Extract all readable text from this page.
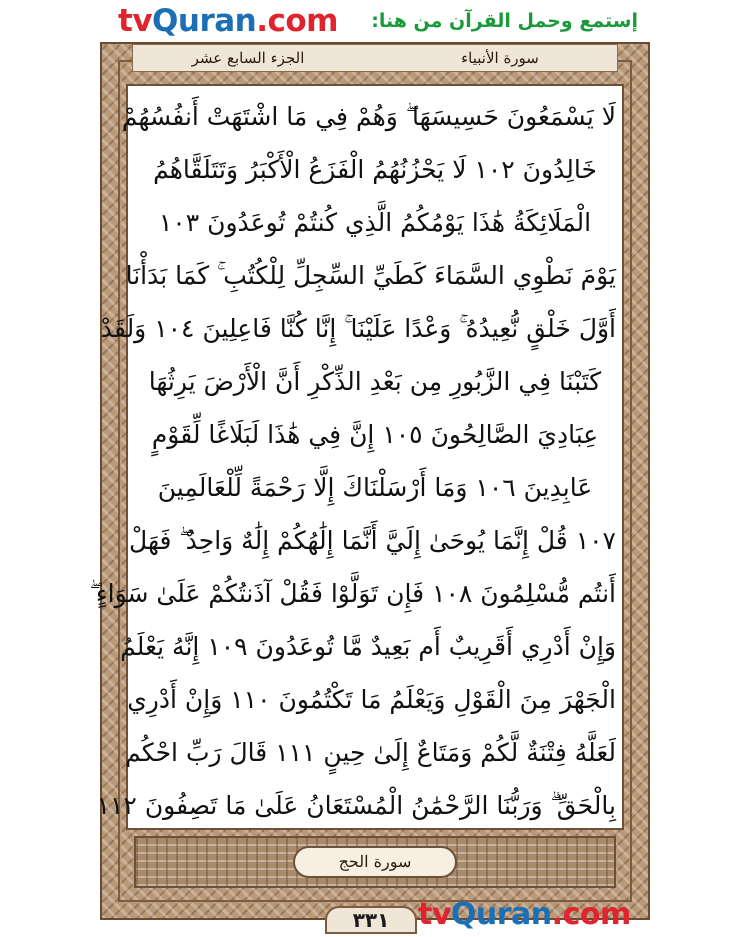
tvQuran.com إستمع وحمل القرآن من هنا:
الجزء السابع عشر	سورة الأنبياء
لَا يَسْمَعُونَ حَسِيسَهَا ۖ وَهُمْ فِي مَا اشْتَهَتْ أَنفُسُهُمْ
خَالِدُونَ ١٠٢ لَا يَحْزُنُهُمُ الْفَزَعُ الْأَكْبَرُ وَتَتَلَقَّاهُمُ
الْمَلَائِكَةُ هَٰذَا يَوْمُكُمُ الَّذِي كُنتُمْ تُوعَدُونَ ١٠٣
يَوْمَ نَطْوِي السَّمَاءَ كَطَيِّ السِّجِلِّ لِلْكُتُبِ ۚ كَمَا بَدَأْنَا
أَوَّلَ خَلْقٍ نُّعِيدُهُ ۚ وَعْدًا عَلَيْنَا ۚ إِنَّا كُنَّا فَاعِلِينَ ١٠٤ وَلَقَدْ
كَتَبْنَا فِي الزَّبُورِ مِن بَعْدِ الذِّكْرِ أَنَّ الْأَرْضَ يَرِثُهَا
عِبَادِيَ الصَّالِحُونَ ١٠٥ إِنَّ فِي هَٰذَا لَبَلَاغًا لِّقَوْمٍ
عَابِدِينَ ١٠٦ وَمَا أَرْسَلْنَاكَ إِلَّا رَحْمَةً لِّلْعَالَمِينَ
١٠٧ قُلْ إِنَّمَا يُوحَىٰ إِلَيَّ أَنَّمَا إِلَٰهُكُمْ إِلَٰهٌ وَاحِدٌ ۖ فَهَلْ
أَنتُم مُّسْلِمُونَ ١٠٨ فَإِن تَوَلَّوْا فَقُلْ آذَنتُكُمْ عَلَىٰ سَوَاءٍ ۖ
وَإِنْ أَدْرِي أَقَرِيبٌ أَم بَعِيدٌ مَّا تُوعَدُونَ ١٠٩ إِنَّهُ يَعْلَمُ
الْجَهْرَ مِنَ الْقَوْلِ وَيَعْلَمُ مَا تَكْتُمُونَ ١١٠ وَإِنْ أَدْرِي
لَعَلَّهُ فِتْنَةٌ لَّكُمْ وَمَتَاعٌ إِلَىٰ حِينٍ ١١١ قَالَ رَبِّ احْكُم
بِالْحَقِّ ۗ وَرَبُّنَا الرَّحْمَٰنُ الْمُسْتَعَانُ عَلَىٰ مَا تَصِفُونَ ١١٢
سورة الحج
٣٣١ tvQuran.com
